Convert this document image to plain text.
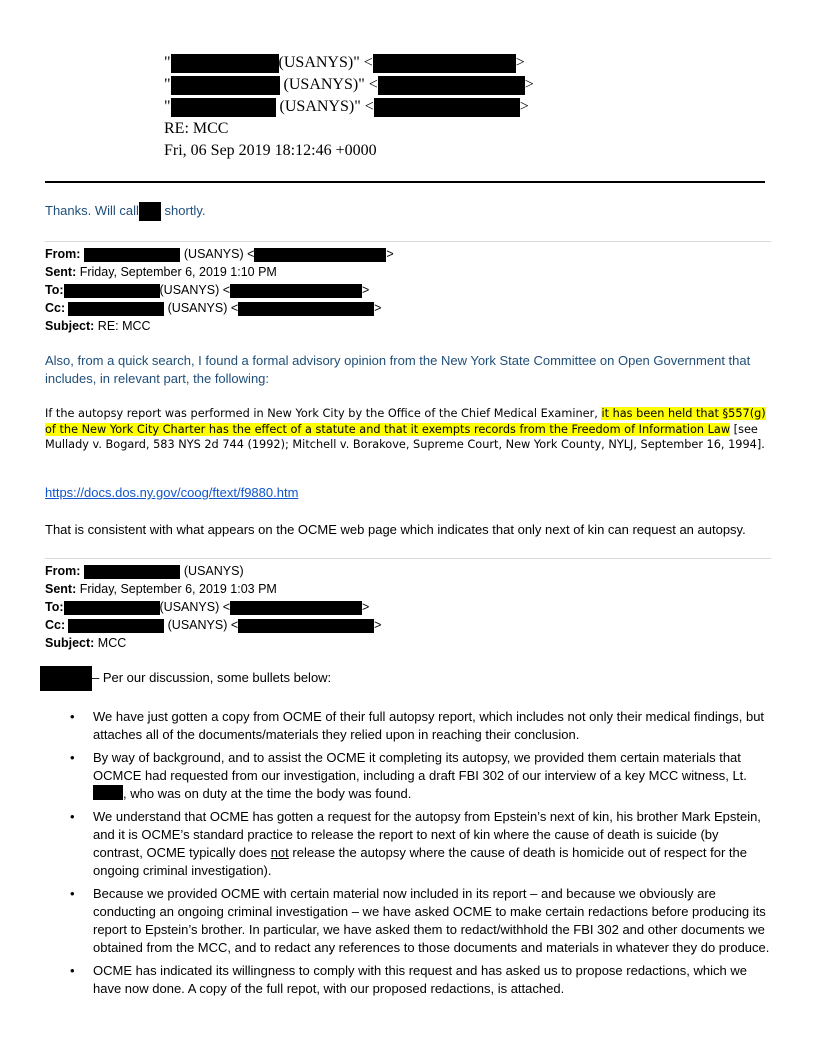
"	(USANYS)" <	>
"	(USANYS)" <	>
"	(USANYS)" <	>
RE: MCC
Fri, 06 Sep 2019 18:12:46 +0000
Thanks. Will call shortly.
From:	(USANYS) <	>
Sent: Friday, September 6, 2019 1:10 PM
To:	(USANYS) <	>
Cc:	(USANYS) <	>
Subject: RE: MCC

Also, from a quick search, I found a formal advisory opinion from the New York State Committee on Open Government that includes, in relevant part, the following:

If the autopsy report was performed in New York City by the Office of the Chief Medical Examiner, it has been held that §557(g) of the New York City Charter has the effect of a statute and that it exempts records from the Freedom of Information Law [see Mullady v. Bogard, 583 NYS 2d 744 (1992); Mitchell v. Borakove, Supreme Court, New York County, NYLJ, September 16, 1994].

https://docs.dos.ny.gov/coog/ftext/f9880.htm

That is consistent with what appears on the OCME web page which indicates that only next of kin can request an autopsy.

From:	(USANYS)
Sent: Friday, September 6, 2019 1:03 PM
To:	(USANYS) <	>
Cc:	(USANYS) <	>
Subject: MCC
– Per our discussion, some bullets below:
• We have just gotten a copy from OCME of their full autopsy report, which includes not only their medical findings, but attaches all of the documents/materials they relied upon in reaching their conclusion.
• By way of background, and to assist the OCME it completing its autopsy, we provided them certain materials that OCMCE had requested from our investigation, including a draft FBI 302 of our interview of a key MCC witness, Lt. , who was on duty at the time the body was found.
• We understand that OCME has gotten a request for the autopsy from Epstein’s next of kin, his brother Mark Epstein, and it is OCME’s standard practice to release the report to next of kin where the cause of death is suicide (by contrast, OCME typically does not release the autopsy where the cause of death is homicide out of respect for the ongoing criminal investigation).
• Because we provided OCME with certain material now included in its report – and because we obviously are conducting an ongoing criminal investigation – we have asked OCME to make certain redactions before producing its report to Epstein’s brother. In particular, we have asked them to redact/withhold the FBI 302 and other documents we obtained from the MCC, and to redact any references to those documents and materials in whatever they do produce.
• OCME has indicated its willingness to comply with this request and has asked us to propose redactions, which we have now done. A copy of the full repot, with our proposed redactions, is attached.
